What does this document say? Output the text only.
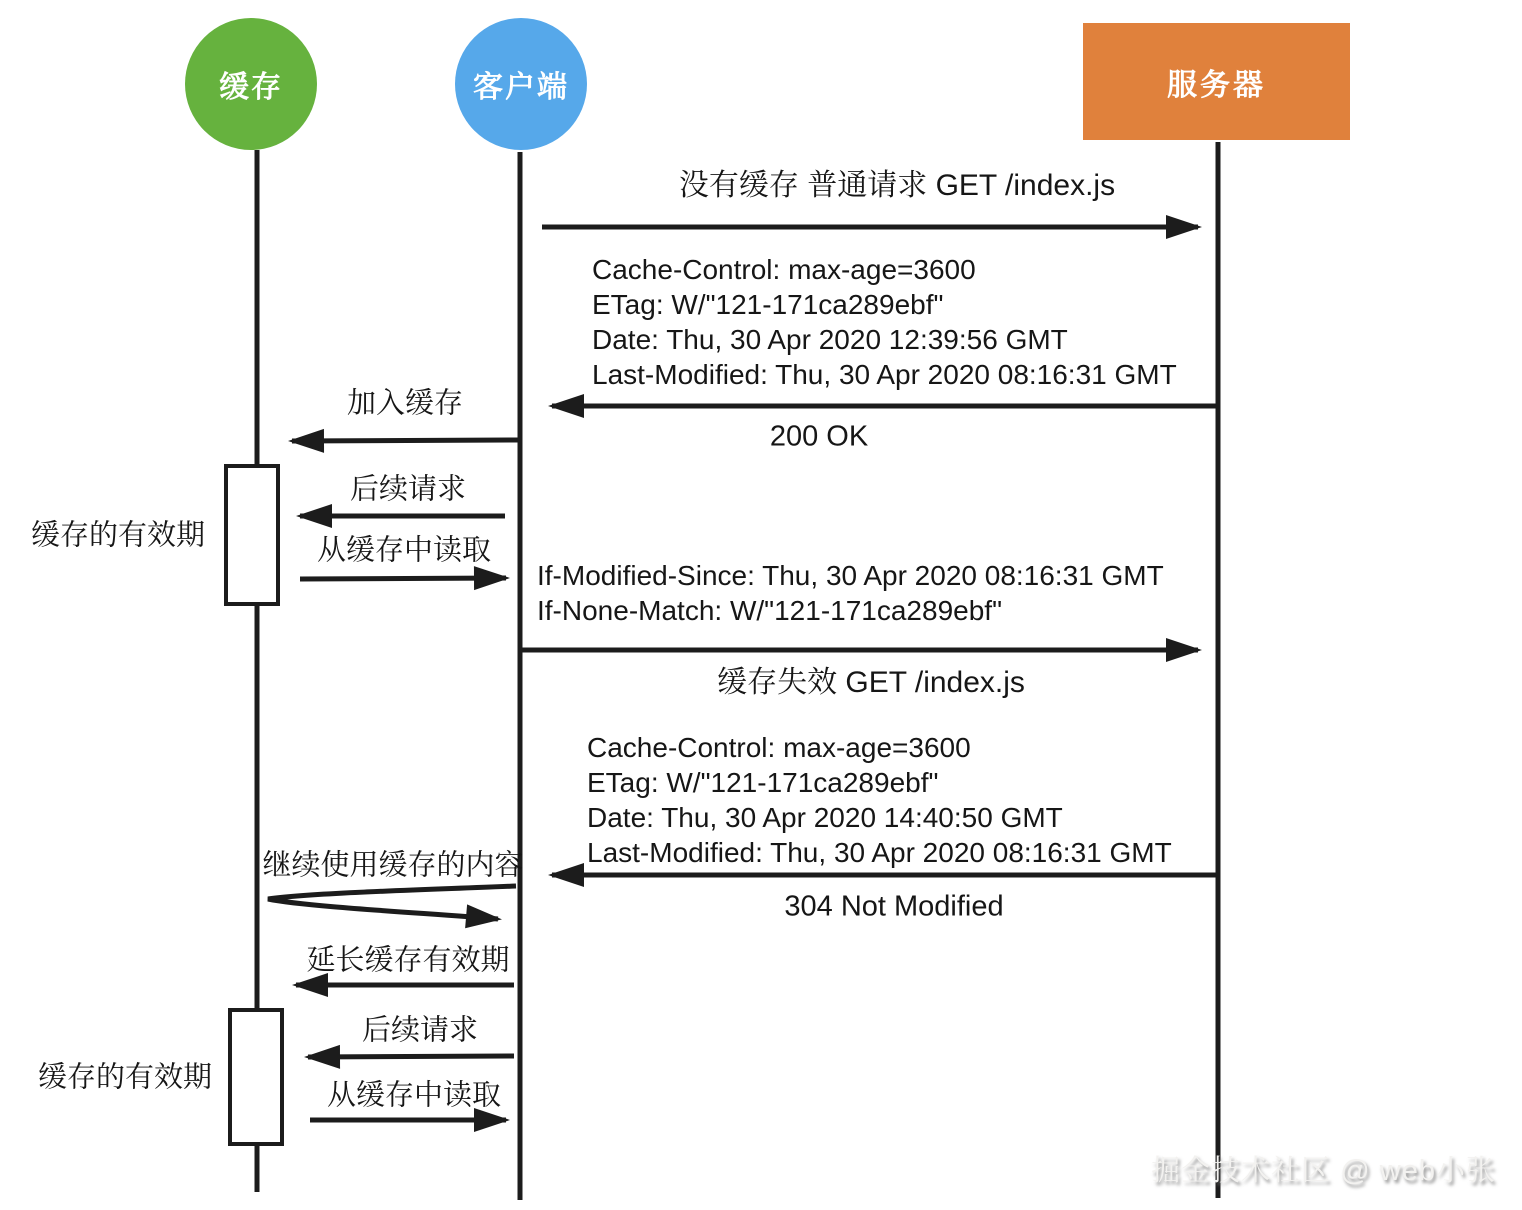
缓存	客户端	服务器
没有缓存 普通请求 GET /index.js
Cache-Control: max-age=3600
ETag: W/"121-171ca289ebf"
Date: Thu, 30 Apr 2020 12:39:56 GMT
Last-Modified: Thu, 30 Apr 2020 08:16:31 GMT
加入缓存
200 OK
后续请求
缓存的有效期	从缓存中读取
If-Modified-Since: Thu, 30 Apr 2020 08:16:31 GMT
If-None-Match: W/"121-171ca289ebf"
缓存失效 GET /index.js
Cache-Control: max-age=3600
ETag: W/"121-171ca289ebf"
Date: Thu, 30 Apr 2020 14:40:50 GMT
Last-Modified: Thu, 30 Apr 2020 08:16:31 GMT
继续使用缓存的内容
304 Not Modified
延长缓存有效期
后续请求
缓存的有效期
从缓存中读取
掘金技术社区 @ web小张
